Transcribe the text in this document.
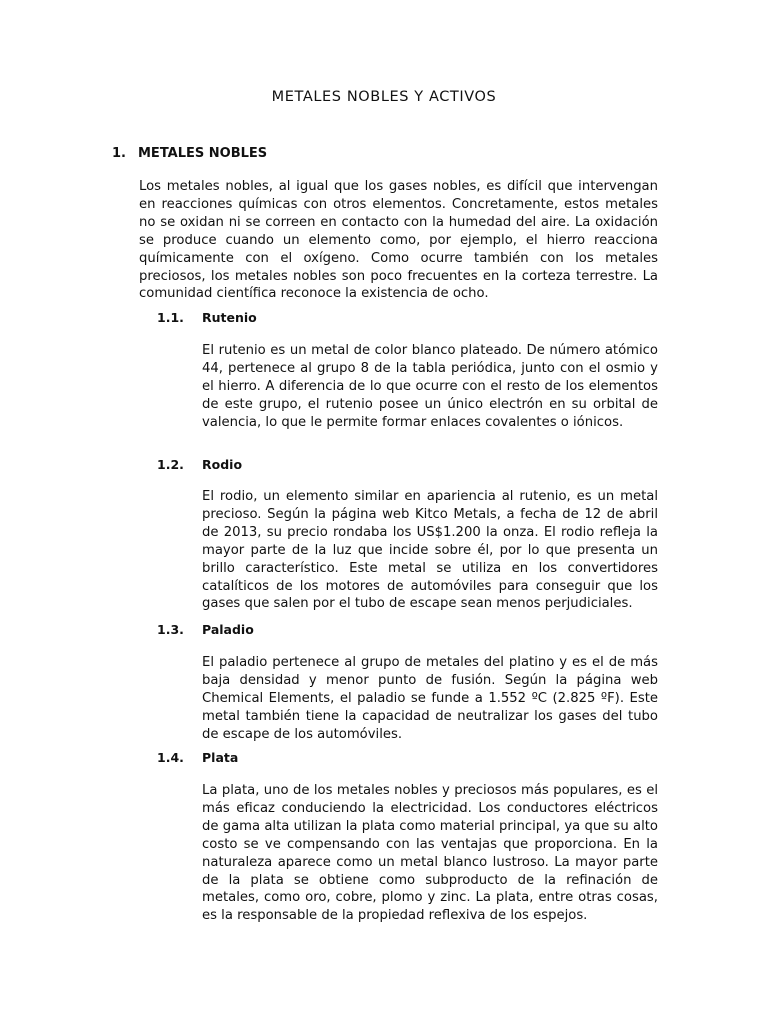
METALES NOBLES Y ACTIVOS
1. METALES NOBLES

Los metales nobles, al igual que los gases nobles, es difícil que intervengan en reacciones químicas con otros elementos. Concretamente, estos metales no se oxidan ni se correen en contacto con la humedad del aire. La oxidación se produce cuando un elemento como, por ejemplo, el hierro reacciona químicamente con el oxígeno. Como ocurre también con los metales preciosos, los metales nobles son poco frecuentes en la corteza terrestre. La comunidad científica reconoce la existencia de ocho.

1.1. Rutenio

El rutenio es un metal de color blanco plateado. De número atómico 44, pertenece al grupo 8 de la tabla periódica, junto con el osmio y el hierro. A diferencia de lo que ocurre con el resto de los elementos de este grupo, el rutenio posee un único electrón en su orbital de valencia, lo que le permite formar enlaces covalentes o iónicos.

1.2. Rodio

El rodio, un elemento similar en apariencia al rutenio, es un metal precioso. Según la página web Kitco Metals, a fecha de 12 de abril de 2013, su precio rondaba los US$1.200 la onza. El rodio refleja la mayor parte de la luz que incide sobre él, por lo que presenta un brillo característico. Este metal se utiliza en los convertidores catalíticos de los motores de automóviles para conseguir que los gases que salen por el tubo de escape sean menos perjudiciales.

1.3. Paladio

El paladio pertenece al grupo de metales del platino y es el de más baja densidad y menor punto de fusión. Según la página web Chemical Elements, el paladio se funde a 1.552 ºC (2.825 ºF). Este metal también tiene la capacidad de neutralizar los gases del tubo de escape de los automóviles.

1.4. Plata

La plata, uno de los metales nobles y preciosos más populares, es el más eficaz conduciendo la electricidad. Los conductores eléctricos de gama alta utilizan la plata como material principal, ya que su alto costo se ve compensando con las ventajas que proporciona. En la naturaleza aparece como un metal blanco lustroso. La mayor parte de la plata se obtiene como subproducto de la refinación de metales, como oro, cobre, plomo y zinc. La plata, entre otras cosas, es la responsable de la propiedad reflexiva de los espejos.
